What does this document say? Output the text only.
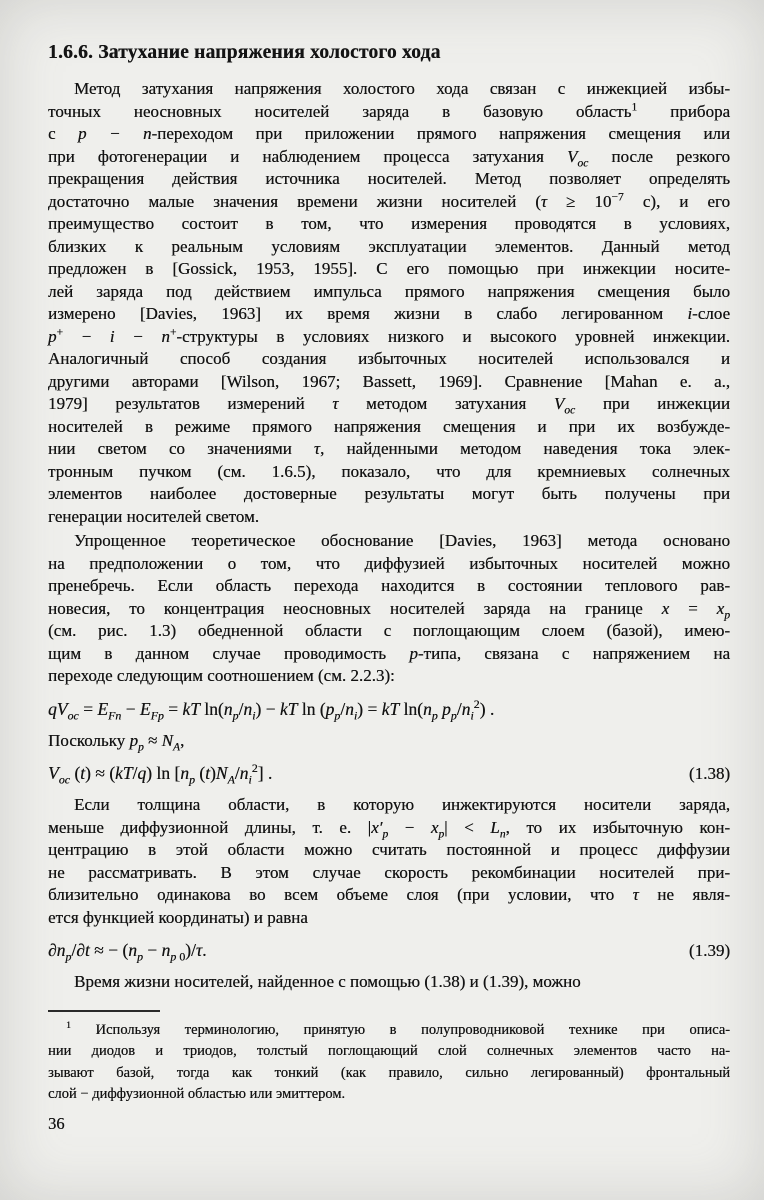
1.6.6. Затухание напряжения холостого хода
Метод затухания напряжения холостого хода связан с инжекцией избы-
точных неосновных носителей заряда в базовую область$^1$ прибора
с p − n-переходом при приложении прямого напряжения смещения или
при фотогенерации и наблюдением процесса затухания $V_{ос}$ после резкого
прекращения действия источника носителей. Метод позволяет определять
достаточно малые значения времени жизни носителей ($\tau \ge 10^{-7}$ с), и его
преимущество состоит в том, что измерения проводятся в условиях,
близких к реальным условиям эксплуатации элементов. Данный метод
предложен в [Gossick, 1953, 1955]. С его помощью при инжекции носите-
лей заряда под действием импульса прямого напряжения смещения было
измерено [Davies, 1963] их время жизни в слабо легированном i-слое
p+ − i − n+-структуры в условиях низкого и высокого уровней инжекции.
Аналогичный способ создания избыточных носителей использовался и
другими авторами [Wilson, 1967; Bassett, 1969]. Сравнение [Mahan e. a.,
1979] результатов измерений τ методом затухания $V_{ос}$ при инжекции
носителей в режиме прямого напряжения смещения и при их возбужде-
нии светом со значениями τ, найденными методом наведения тока элек-
тронным пучком (см. 1.6.5), показало, что для кремниевых солнечных
элементов наиболее достоверные результаты могут быть получены при
генерации носителей светом.
Упрощенное теоретическое обоснование [Davies, 1963] метода основано
на предположении о том, что диффузией избыточных носителей можно
пренебречь. Если область перехода находится в состоянии теплового рав-
новесия, то концентрация неосновных носителей заряда на границе $x = x_p$
(см. рис. 1.3) обедненной области с поглощающим слоем (базой), имею-
щим в данном случае проводимость p-типа, связана с напряжением на
переходе следующим соотношением (см. 2.2.3):
$qV_{ос} = E_{Fn} - E_{Fp}$ = kT $\ln(n_p/n_i)$ − kT $\ln (p_p/n_i)$ = kT $\ln(n_p$ $p_p/n_i^2$) .
Поскольку $p_p \approx N_A$,
$V_{ос}$ (t) ≈ (kT/q) $\ln [n_p$ $(t)N_A/n_i^2$] .	(1.38)
Если толщина области, в которую инжектируются носители заряда,
меньше диффузионной длины, т. е. $|x'_p - x_p| < L_n$, то их избыточную кон-
центрацию в этой области можно считать постоянной и процесс диффузии
не рассматривать. В этом случае скорость рекомбинации носителей при-
близительно одинакова во всем объеме слоя (при условии, что τ не явля-
ется функцией координаты) и равна
$\partial n_p/\partial t$ ≈ − ($n_p - n_p$ $_0$)/τ.	(1.39)
Время жизни носителей, найденное с помощью (1.38) и (1.39), можно
$^1$ Используя терминологию, принятую в полупроводниковой технике при описа-
нии диодов и триодов, толстый поглощающий слой солнечных элементов часто на-
зывают базой, тогда как тонкий (как правило, сильно легированный) фронтальный
слой − диффузионной областью или эмиттером.
36
